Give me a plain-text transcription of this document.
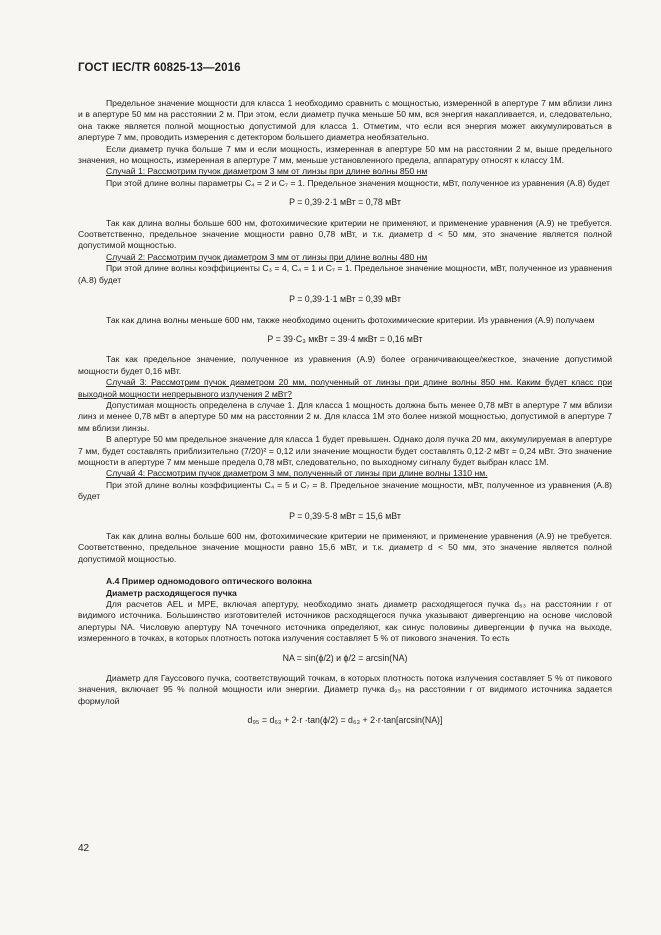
ГОСТ IEC/TR 60825-13—2016

Предельное значение мощности для класса 1 необходимо сравнить с мощностью, измеренной в апертуре 7 мм вблизи линз и в апертуре 50 мм на расстоянии 2 м. При этом, если диаметр пучка меньше 50 мм, вся энергия накапливается, и, следовательно, она также является полной мощностью допустимой для класса 1. Отметим, что если вся энергия может аккумулироваться в апертуре 7 мм, проводить измерения с детектором большего диаметра необязательно.

Если диаметр пучка больше 7 мм и если мощность, измеренная в апертуре 50 мм на расстоянии 2 м, выше предельного значения, но мощность, измеренная в апертуре 7 мм, меньше установленного предела, аппаратуру относят к классу 1М.

Случай 1: Рассмотрим пучок диаметром 3 мм от линзы при длине волны 850 нм

При этой длине волны параметры C₄ = 2 и C₇ = 1. Предельное значения мощности, мВт, полученное из уравнения (А.8) будет

P = 0,39·2·1 мВт = 0,78 мВт

Так как длина волны больше 600 нм, фотохимические критерии не применяют, и применение уравнения (А.9) не требуется. Соответственно, предельное значение мощности равно 0,78 мВт, и т.к. диаметр d < 50 мм, это значение является полной допустимой мощностью.

Случай 2: Рассмотрим пучок диаметром 3 мм от линзы при длине волны 480 нм

При этой длине волны коэффициенты C₃ = 4, C₄ = 1 и C₇ = 1. Предельное значение мощности, мВт, полученное из уравнения (А.8) будет

P = 0,39·1·1 мВт = 0,39 мВт

Так как длина волны меньше 600 нм, также необходимо оценить фотохимические критерии. Из уравнения (А.9) получаем

P = 39·C₃ мкВт = 39·4 мкВт = 0,16 мВт

Так как предельное значение, полученное из уравнения (А.9) более ограничивающее/жесткое, значение допустимой мощности будет 0,16 мВт.

Случай 3: Рассмотрим пучок диаметром 20 мм, полученный от линзы при длине волны 850 нм. Каким будет класс при выходной мощности непрерывного излучения 2 мВт?

Допустимая мощность определена в случае 1. Для класса 1 мощность должна быть менее 0,78 мВт в апертуре 7 мм вблизи линз и менее 0,78 мВт в апертуре 50 мм на расстоянии 2 м. Для класса 1М это более низкой мощностью, допустимой в апертуре 7 мм вблизи линзы.

В апертуре 50 мм предельное значение для класса 1 будет превышен. Однако доля пучка 20 мм, аккумулируемая в апертуре 7 мм, будет составлять приблизительно (7/20)² = 0,12 или значение мощности будет составлять 0,12·2 мВт = 0,24 мВт. Это значение мощности в апертуре 7 мм меньше предела 0,78 мВт, следовательно, по выходному сигналу будет выбран класс 1М.

Случай 4: Рассмотрим пучок диаметром 3 мм, полученный от линзы при длине волны 1310 нм.

При этой длине волны коэффициенты C₄ = 5 и C₇ = 8. Предельное значение мощности, мВт, полученное из уравнения (А.8) будет

P = 0,39·5·8 мВт = 15,6 мВт

Так как длина волны больше 600 нм, фотохимические критерии не применяют, и применение уравнения (А.9) не требуется. Соответственно, предельное значение мощности равно 15,6 мВт, и т.к. диаметр d < 50 мм, это значение является полной допустимой мощностью.

А.4 Пример одномодового оптического волокна

Диаметр расходящегося пучка

Для расчетов AEL и MPE, включая апертуру, необходимо знать диаметр расходящегося пучка d₆₃ на расстоянии r от видимого источника. Большинство изготовителей источников расходящегося пучка указывают дивергенцию на основе числовой апертуры NA. Числовую апертуру NA точечного источника определяют, как синус половины дивергенции ϕ пучка на выходе, измеренного в точках, в которых плотность потока излучения составляет 5 % от пикового значения. То есть

NA = sin(ϕ/2) и ϕ/2 = arcsin(NA)

Диаметр для Гауссового пучка, соответствующий точкам, в которых плотность потока излучения составляет 5 % от пикового значения, включает 95 % полной мощности или энергии. Диаметр пучка d₉₅ на расстоянии r от видимого источника задается формулой

d₉₅ = d₆₃ + 2·r ·tan(ϕ/2) = d₆₃ + 2·r·tan[arcsin(NA)]

42
